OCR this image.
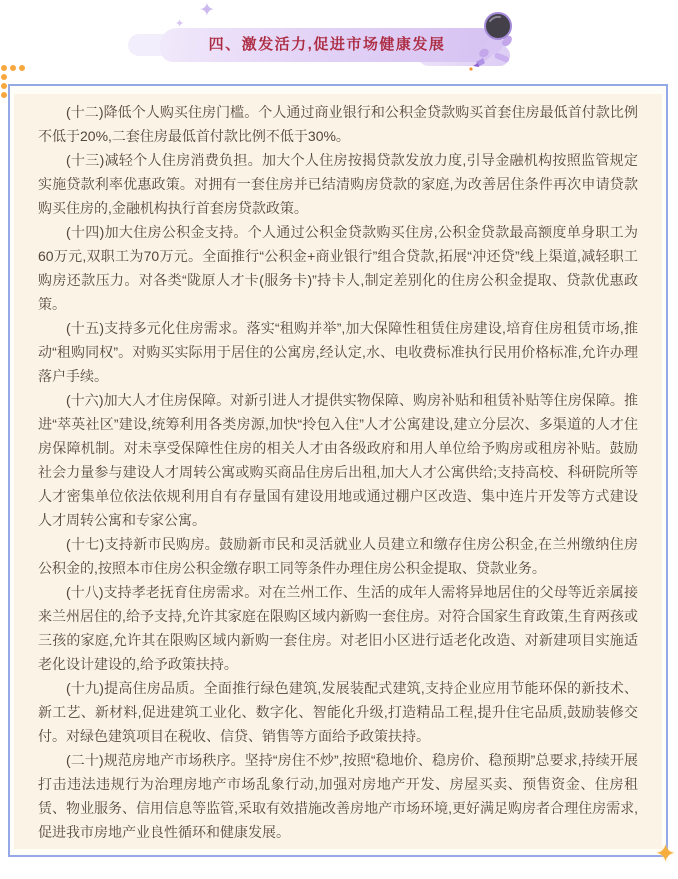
四、激发活力,促进市场健康发展
✦
✦

(十二)降低个人购买住房门槛。个人通过商业银行和公积金贷款购买首套住房最低首付款比例不低于20%,二套住房最低首付款比例不低于30%。

(十三)减轻个人住房消费负担。加大个人住房按揭贷款发放力度,引导金融机构按照监管规定实施贷款利率优惠政策。对拥有一套住房并已结清购房贷款的家庭,为改善居住条件再次申请贷款购买住房的,金融机构执行首套房贷款政策。

(十四)加大住房公积金支持。个人通过公积金贷款购买住房,公积金贷款最高额度单身职工为60万元,双职工为70万元。全面推行“公积金+商业银行”组合贷款,拓展“冲还贷”线上渠道,减轻职工购房还款压力。对各类“陇原人才卡(服务卡)”持卡人,制定差别化的住房公积金提取、贷款优惠政策。

(十五)支持多元化住房需求。落实“租购并举”,加大保障性租赁住房建设,培育住房租赁市场,推动“租购同权”。对购买实际用于居住的公寓房,经认定,水、电收费标准执行民用价格标准,允许办理落户手续。

(十六)加大人才住房保障。对新引进人才提供实物保障、购房补贴和租赁补贴等住房保障。推进“萃英社区”建设,统筹利用各类房源,加快“拎包入住”人才公寓建设,建立分层次、多渠道的人才住房保障机制。对未享受保障性住房的相关人才由各级政府和用人单位给予购房或租房补贴。鼓励社会力量参与建设人才周转公寓或购买商品住房后出租,加大人才公寓供给;支持高校、科研院所等人才密集单位依法依规利用自有存量国有建设用地或通过棚户区改造、集中连片开发等方式建设人才周转公寓和专家公寓。

(十七)支持新市民购房。鼓励新市民和灵活就业人员建立和缴存住房公积金,在兰州缴纳住房公积金的,按照本市住房公积金缴存职工同等条件办理住房公积金提取、贷款业务。

(十八)支持孝老抚育住房需求。对在兰州工作、生活的成年人需将异地居住的父母等近亲属接来兰州居住的,给予支持,允许其家庭在限购区域内新购一套住房。对符合国家生育政策,生育两孩或三孩的家庭,允许其在限购区域内新购一套住房。对老旧小区进行适老化改造、对新建项目实施适老化设计建设的,给予政策扶持。

(十九)提高住房品质。全面推行绿色建筑,发展装配式建筑,支持企业应用节能环保的新技术、新工艺、新材料,促进建筑工业化、数字化、智能化升级,打造精品工程,提升住宅品质,鼓励装修交付。对绿色建筑项目在税收、信贷、销售等方面给予政策扶持。

(二十)规范房地产市场秩序。坚持“房住不炒”,按照“稳地价、稳房价、稳预期”总要求,持续开展打击违法违规行为治理房地产市场乱象行动,加强对房地产开发、房屋买卖、预售资金、住房租赁、物业服务、信用信息等监管,采取有效措施改善房地产市场环境,更好满足购房者合理住房需求,促进我市房地产业良性循环和健康发展。

✦
